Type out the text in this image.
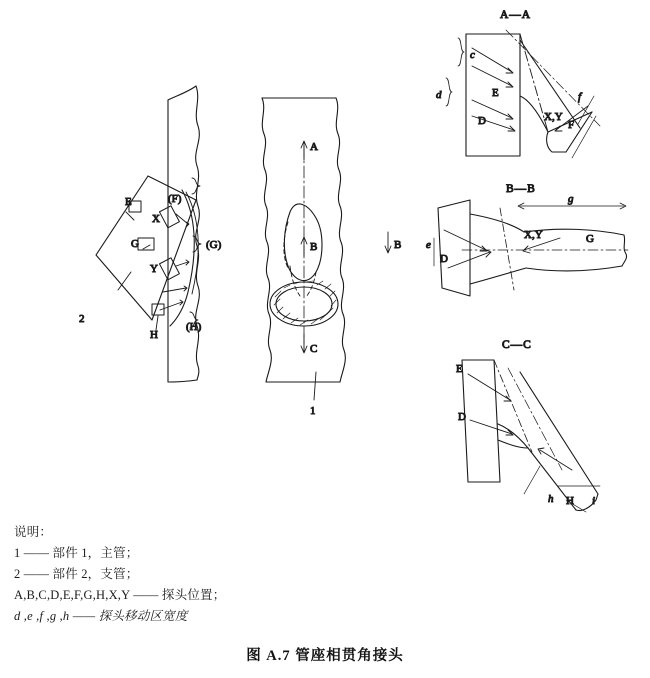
(F)
(G)
(H)
E
X
G
Y
H
2
A
B
C
B
1
A—A
c
d	f
E
D	X,Y
F
B—B
g
e
X,Y	G
D
C—C
h	i
E
D
H
说明：
1 —— 部件 1，主管；
2 —— 部件 2，支管；
A,B,C,D,E,F,G,H,X,Y —— 探头位置；
d ,e ,f ,g ,h —— 探头移动区宽度
图 A.7 管座相贯角接头
